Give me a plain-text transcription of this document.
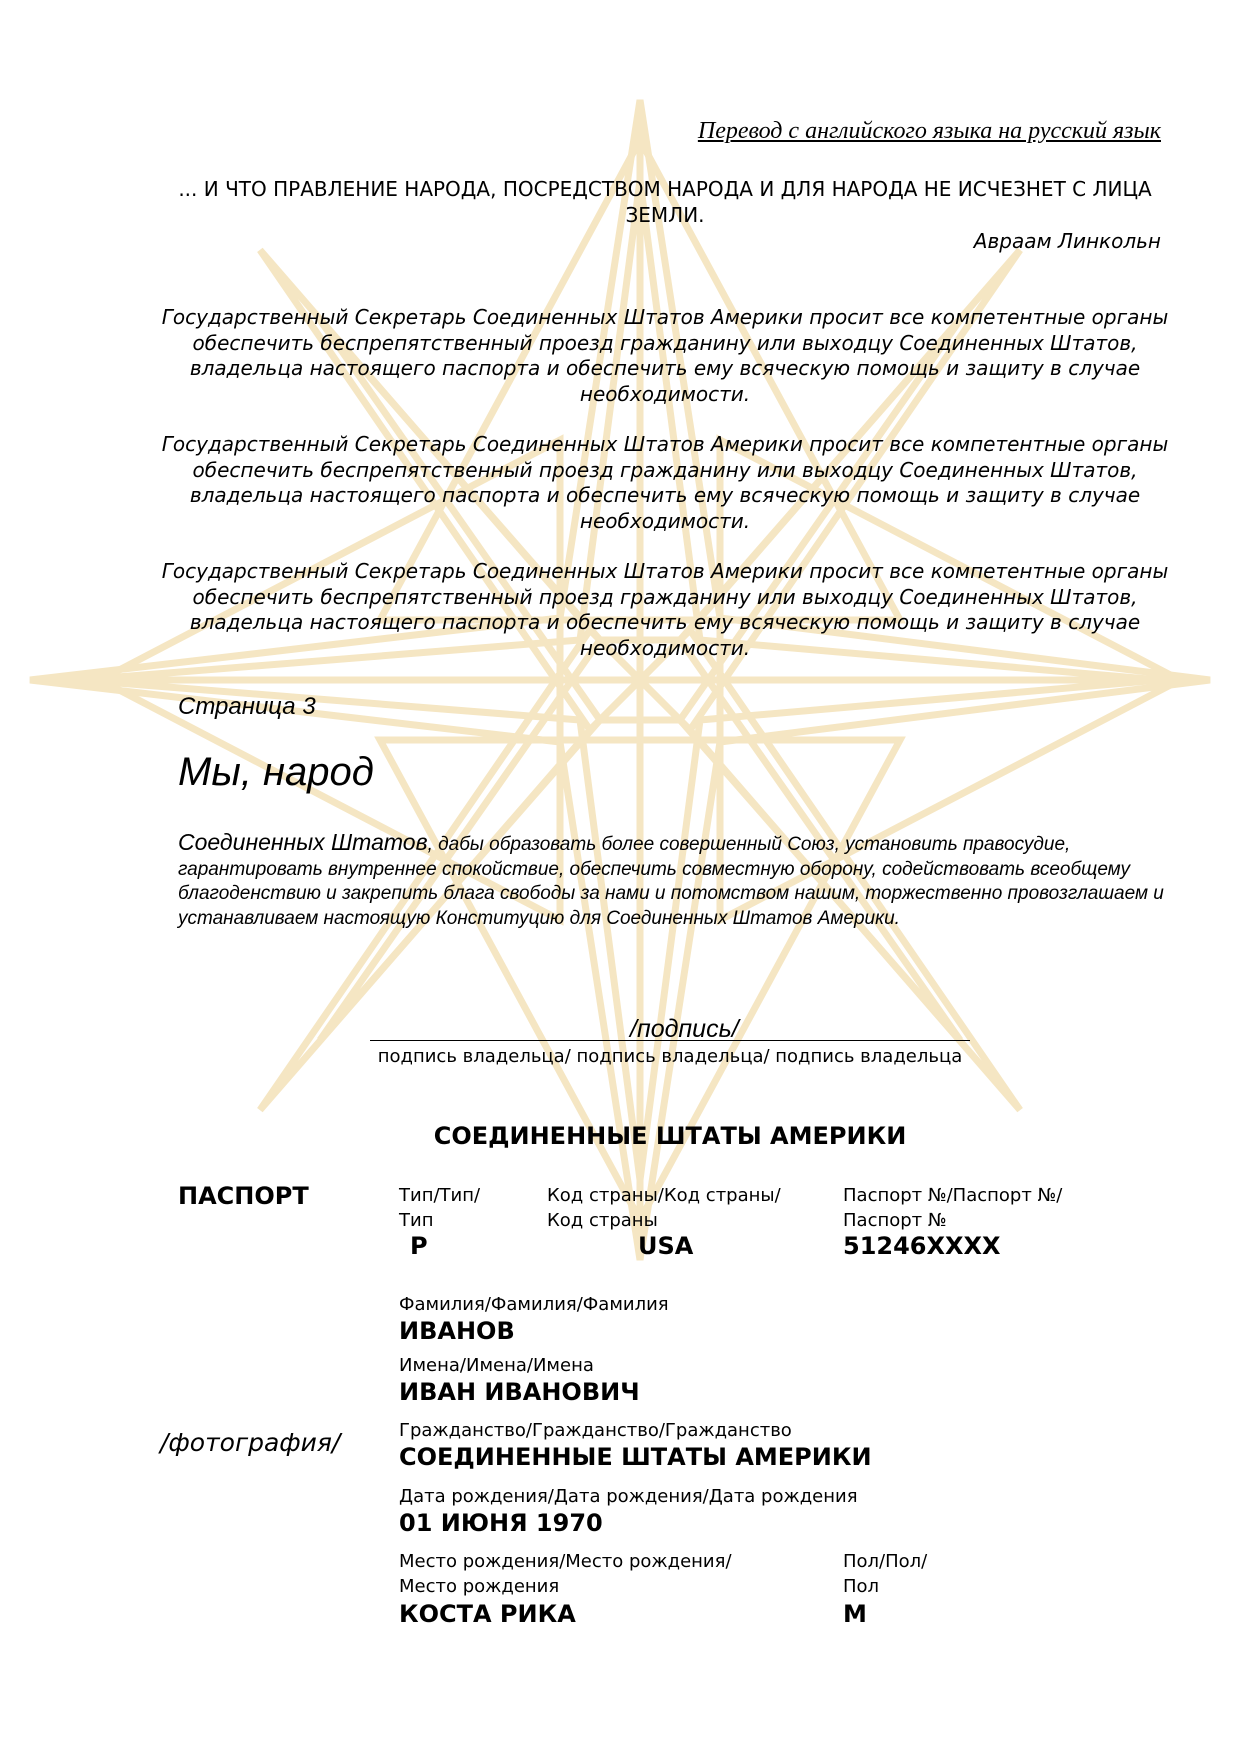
Перевод с английского языка на русский язык
... И ЧТО ПРАВЛЕНИЕ НАРОДА, ПОСРЕДСТВОМ НАРОДА И ДЛЯ НАРОДА НЕ ИСЧЕЗНЕТ С ЛИЦА ЗЕМЛИ.
Авраам Линкольн
Государственный Секретарь Соединенных Штатов Америки просит все компетентные органы обеспечить беспрепятственный проезд гражданину или выходцу Соединенных Штатов, владельца настоящего паспорта и обеспечить ему всяческую помощь и защиту в случае необходимости.
Государственный Секретарь Соединенных Штатов Америки просит все компетентные органы обеспечить беспрепятственный проезд гражданину или выходцу Соединенных Штатов, владельца настоящего паспорта и обеспечить ему всяческую помощь и защиту в случае необходимости.
Государственный Секретарь Соединенных Штатов Америки просит все компетентные органы обеспечить беспрепятственный проезд гражданину или выходцу Соединенных Штатов, владельца настоящего паспорта и обеспечить ему всяческую помощь и защиту в случае необходимости.
Страница 3
Мы, народ
Соединенных Штатов, дабы образовать более совершенный Союз, установить правосудие, гарантировать внутреннее спокойствие, обеспечить совместную оборону, содействовать всеобщему благоденствию и закрепить блага свободы за нами и потомством нашим, торжественно провозглашаем и устанавливаем настоящую Конституцию для Соединенных Штатов Америки.
/подпись/
подпись владельца/ подпись владельца/ подпись владельца
СОЕДИНЕННЫЕ ШТАТЫ АМЕРИКИ
ПАСПОРТ
/фотография/
Тип/Тип/
Тип
P
Код страны/Код страны/
Код страны
USA
Паспорт №/Паспорт №/
Паспорт №
51246XXXX
Фамилия/Фамилия/Фамилия
ИВАНОВ
Имена/Имена/Имена
ИВАН ИВАНОВИЧ
Гражданство/Гражданство/Гражданство
СОЕДИНЕННЫЕ ШТАТЫ АМЕРИКИ
Дата рождения/Дата рождения/Дата рождения
01 ИЮНЯ 1970
Место рождения/Место рождения/
Место рождения
КОСТА РИКА
Пол/Пол/
Пол
M
